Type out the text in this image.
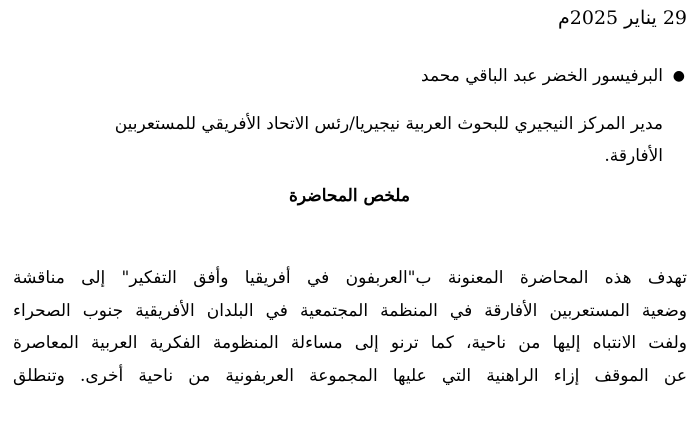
29 يناير 2025م
●
البرفيسور الخضر عبد الباقي محمد
مدير المركز النيجيري للبحوث العربية نيجيريا/رئس الاتحاد الأفريقي للمستعربين
الأفارقة.
ملخص المحاضرة
تهدف هذه المحاضرة المعنونة ب"العربفون في أفريقيا وأفق التفكير" إلى مناقشة
وضعية المستعربين الأفارقة في المنظمة المجتمعية في البلدان الأفريقية جنوب الصحراء
ولفت الانتباه إليها من ناحية، كما ترنو إلى مساءلة المنظومة الفكرية العربية المعاصرة
عن الموقف إزاء الراهنية التي عليها المجموعة العربفونية من ناحية أخرى. وتنطلق
